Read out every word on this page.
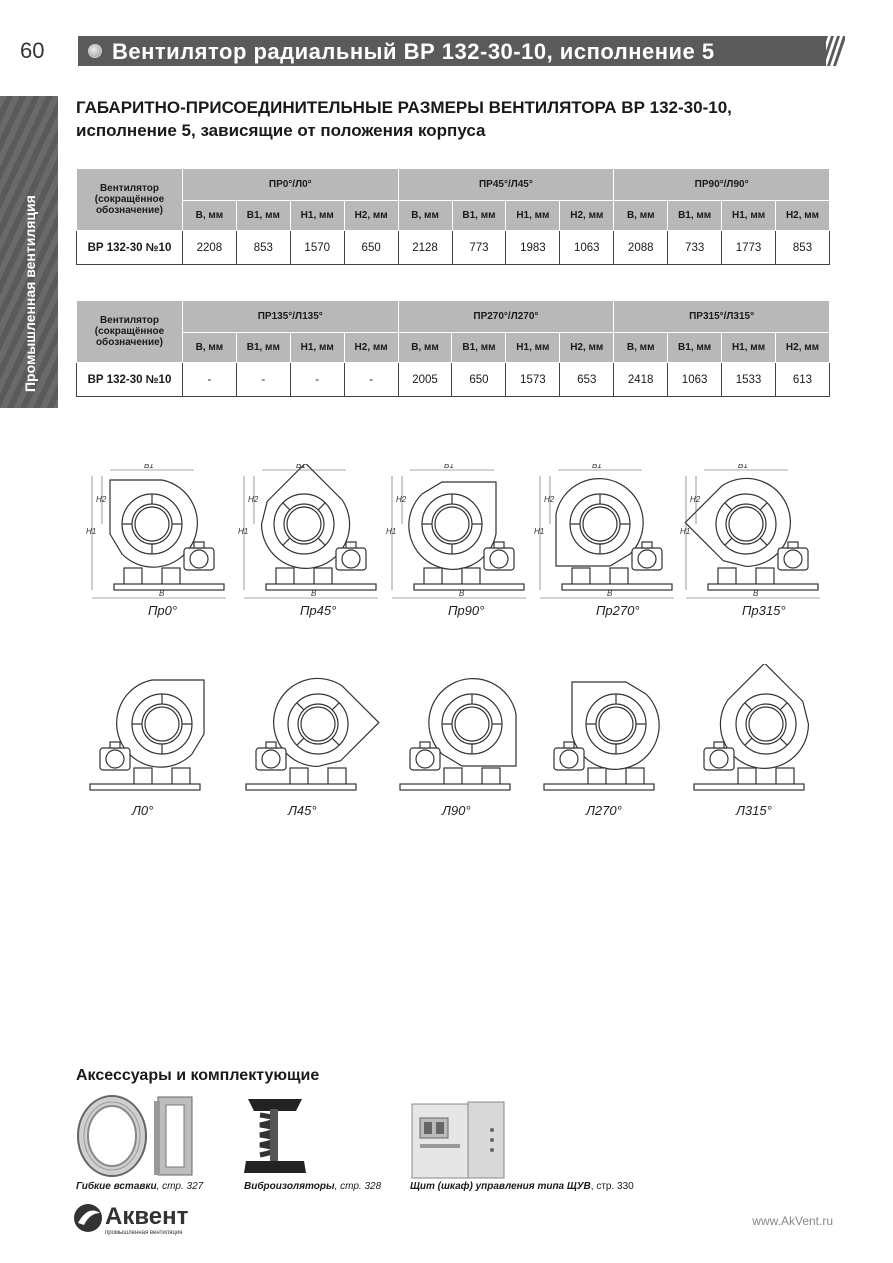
60	Вентилятор радиальный ВР 132-30-10, исполнение 5
Промышленная вентиляция
ГАБАРИТНО-ПРИСОЕДИНИТЕЛЬНЫЕ РАЗМЕРЫ ВЕНТИЛЯТОРА ВР 132-30-10, исполнение 5, зависящие от положения корпуса
Вентилятор (сокращённое обозначение)	ПР0°/Л0°				ПР45°/Л45°				ПР90°/Л90°			
	В, мм	В1, мм	Н1, мм	Н2, мм	В, мм	В1, мм	Н1, мм	Н2, мм	В, мм	В1, мм	Н1, мм	Н2, мм
ВР 132-30 №10	2208	853	1570	650	2128	773	1983	1063	2088	733	1773	853
Вентилятор (сокращённое обозначение)	ПР135°/Л135°				ПР270°/Л270°				ПР315°/Л315°			
	В, мм	В1, мм	Н1, мм	Н2, мм	В, мм	В1, мм	Н1, мм	Н2, мм	В, мм	В1, мм	Н1, мм	Н2, мм
ВР 132-30 №10	-	-	-	-	2005	650	1573	653	2418	1063	1533	613
Н1
Н2
В
В1
Пр0°
Н1
Н2
В
В1
Пр45°
Н1
Н2
В
В1
Пр90°
Н1
Н2
В
В1
Пр270°
Н1
Н2
В
В1
Пр315°
Л0°	Л45°	Л90°	Л270°	Л315°
Аксессуары и комплектующие
Гибкие вставки, стр. 327	Виброизоляторы, стр. 328	Щит (шкаф) управления типа ЩУВ, стр. 330
Аквент
промышленная вентиляция
www.AkVent.ru
